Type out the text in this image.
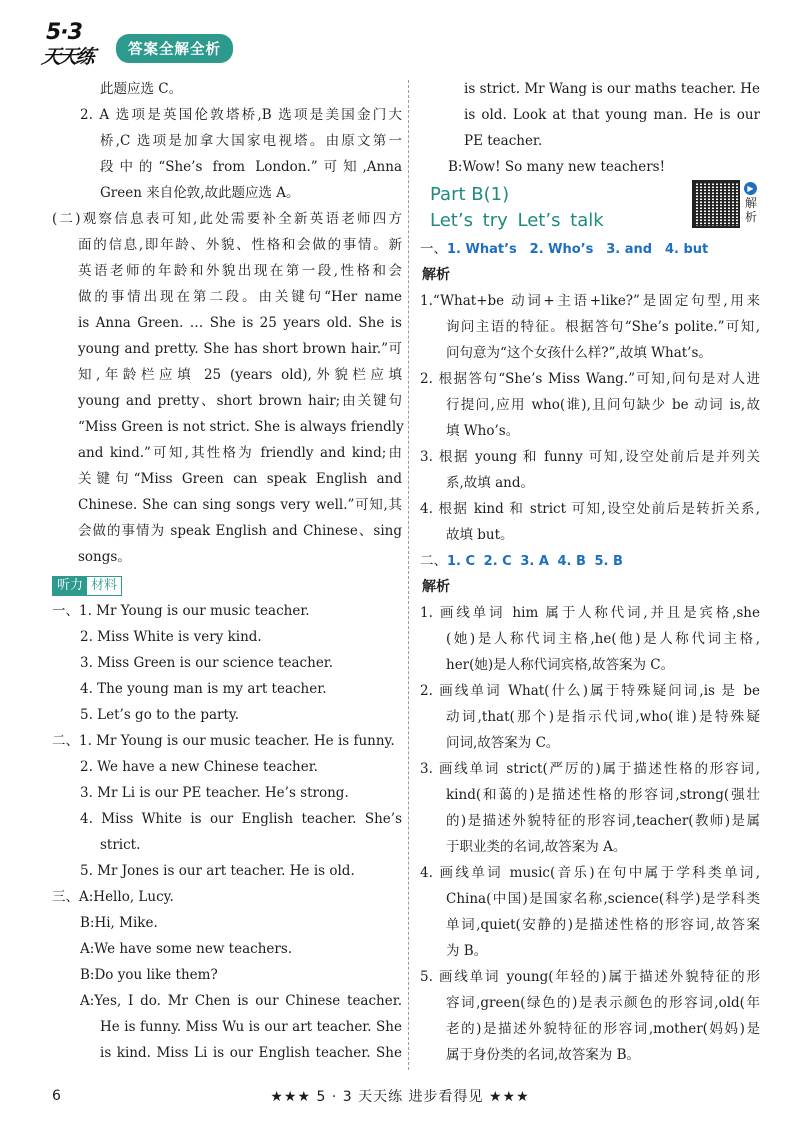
5·3
天天练	答案全解全析
此题应选 C。
2. A 选项是英国伦敦塔桥,B 选项是美国金门大
桥,C 选项是加拿大国家电视塔。由原文第一
段中的“She’s from London.”可知,Anna
Green 来自伦敦,故此题应选 A。
(二)观察信息表可知,此处需要补全新英语老师四方
面的信息,即年龄、外貌、性格和会做的事情。新
英语老师的年龄和外貌出现在第一段,性格和会
做的事情出现在第二段。由关键句“Her name
is Anna Green. … She is 25 years old. She is
young and pretty. She has short brown hair.”可
知,年龄栏应填 25 (years old),外貌栏应填
young and pretty、short brown hair;由关键句
“Miss Green is not strict. She is always friendly
and kind.”可知,其性格为 friendly and kind;由
关键句“Miss Green can speak English and
Chinese. She can sing songs very well.”可知,其
会做的事情为 speak English and Chinese、sing
songs。
听力 材料
一、1. Mr Young is our music teacher.
2. Miss White is very kind.
3. Miss Green is our science teacher.
4. The young man is my art teacher.
5. Let’s go to the party.
二、1. Mr Young is our music teacher. He is funny.
2. We have a new Chinese teacher.
3. Mr Li is our PE teacher. He’s strong.
4. Miss White is our English teacher. She’s
strict.
5. Mr Jones is our art teacher. He is old.
三、A:Hello, Lucy.
B:Hi, Mike.
A:We have some new teachers.
B:Do you like them?
A:Yes, I do. Mr Chen is our Chinese teacher.
He is funny. Miss Wu is our art teacher. She
is kind. Miss Li is our English teacher. She
is strict. Mr Wang is our maths teacher. He
is old. Look at that young man. He is our
PE teacher.
B:Wow! So many new teachers!
Part B(1)
Let’s try Let’s talk
▶
解析
一、1. What’s 2. Who’s 3. and 4. but
解析
1.“What+be 动词+主语+like?”是固定句型,用来
询问主语的特征。根据答句“She’s polite.”可知,
问句意为“这个女孩什么样?”,故填 What’s。
2. 根据答句“She’s Miss Wang.”可知,问句是对人进
行提问,应用 who(谁),且问句缺少 be 动词 is,故
填 Who’s。
3. 根据 young 和 funny 可知,设空处前后是并列关
系,故填 and。
4. 根据 kind 和 strict 可知,设空处前后是转折关系,
故填 but。
二、1. C 2. C 3. A 4. B 5. B
解析
1. 画线单词 him 属于人称代词,并且是宾格,she
(她)是人称代词主格,he(他)是人称代词主格,
her(她)是人称代词宾格,故答案为 C。
2. 画线单词 What(什么)属于特殊疑问词,is 是 be
动词,that(那个)是指示代词,who(谁)是特殊疑
问词,故答案为 C。
3. 画线单词 strict(严厉的)属于描述性格的形容词,
kind(和蔼的)是描述性格的形容词,strong(强壮
的)是描述外貌特征的形容词,teacher(教师)是属
于职业类的名词,故答案为 A。
4. 画线单词 music(音乐)在句中属于学科类单词,
China(中国)是国家名称,science(科学)是学科类
单词,quiet(安静的)是描述性格的形容词,故答案
为 B。
5. 画线单词 young(年轻的)属于描述外貌特征的形
容词,green(绿色的)是表示颜色的形容词,old(年
老的)是描述外貌特征的形容词,mother(妈妈)是
属于身份类的名词,故答案为 B。
6	★★★ 5 · 3 天天练 进步看得见 ★★★
